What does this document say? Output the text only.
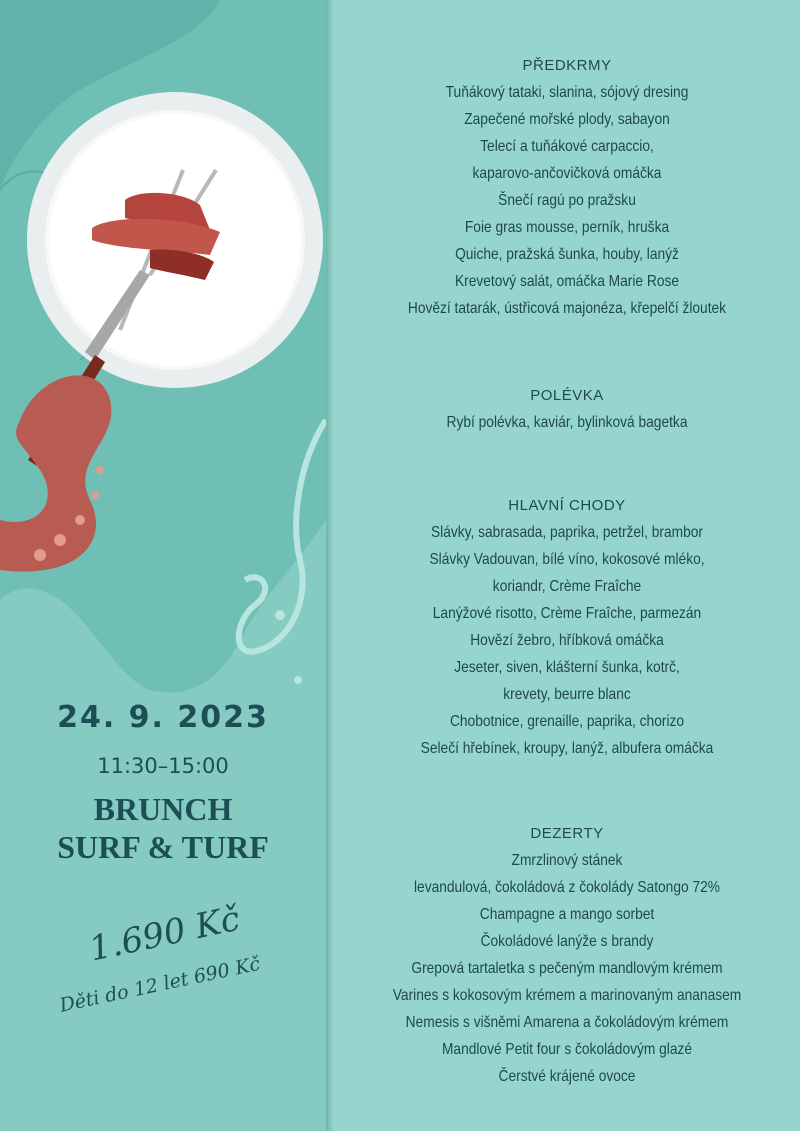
24. 9. 2023
11:30–15:00
BRUNCH
SURF & TURF
1.690 Kč
Děti do 12 let 690 Kč
PŘEDKRMY
Tuňákový tataki, slanina, sójový dresing
Zapečené mořské plody, sabayon
Telecí a tuňákové carpaccio,
kaparovo-ančovičková omáčka
Šnečí ragú po pražsku
Foie gras mousse, perník, hruška
Quiche, pražská šunka, houby, lanýž
Krevetový salát, omáčka Marie Rose
Hovězí tatarák, ústřicová majonéza, křepelčí žloutek
POLÉVKA
Rybí polévka, kaviár, bylinková bagetka
HLAVNÍ CHODY
Slávky, sabrasada, paprika, petržel, brambor
Slávky Vadouvan, bílé víno, kokosové mléko,
koriandr, Crème Fraîche
Lanýžové risotto, Crème Fraîche, parmezán
Hovězí žebro, hříbková omáčka
Jeseter, siven, klášterní šunka, kotrč,
krevety, beurre blanc
Chobotnice, grenaille, paprika, chorizo
Selečí hřebínek, kroupy, lanýž, albufera omáčka
DEZERTY
Zmrzlinový stánek
levandulová, čokoládová z čokolády Satongo 72%
Champagne a mango sorbet
Čokoládové lanýže s brandy
Grepová tartaletka s pečeným mandlovým krémem
Varines s kokosovým krémem a marinovaným ananasem
Nemesis s višněmi Amarena a čokoládovým krémem
Mandlové Petit four s čokoládovým glazé
Čerstvé krájené ovoce
